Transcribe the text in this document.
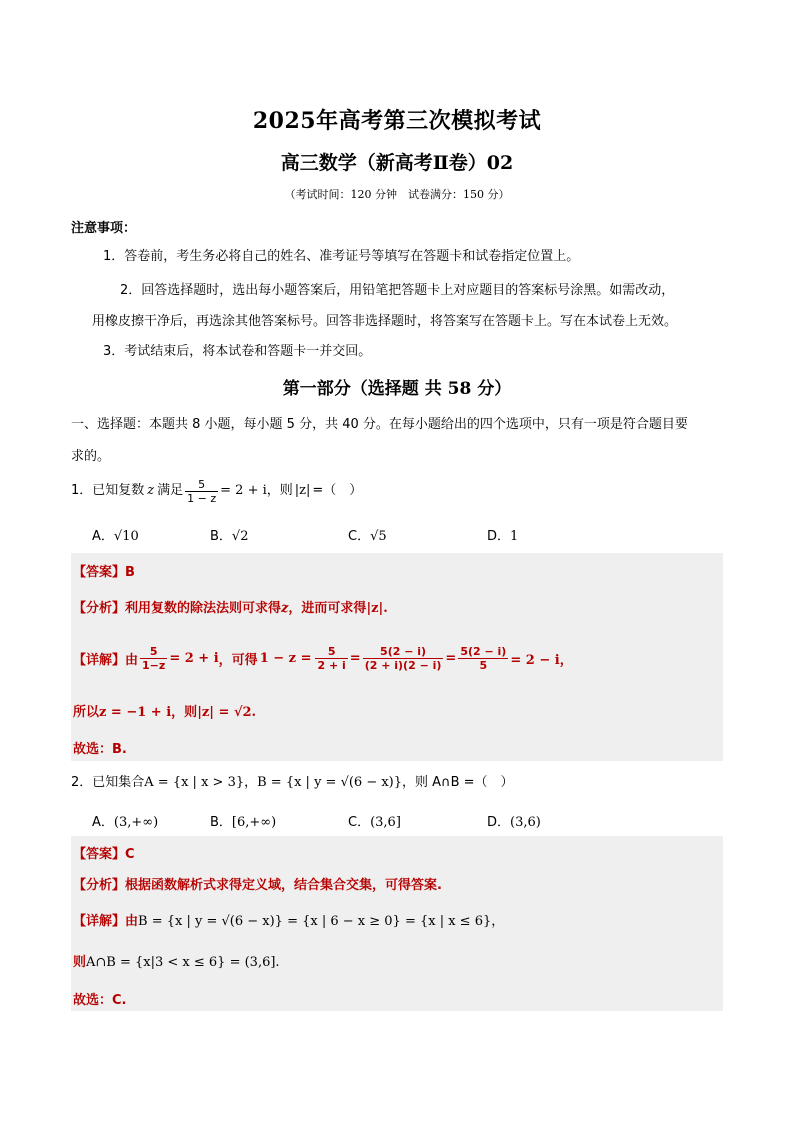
2025年高考第三次模拟考试
高三数学（新高考Ⅱ卷）02
（考试时间：120 分钟　试卷满分：150 分）
注意事项：
1．答卷前，考生务必将自己的姓名、准考证号等填写在答题卡和试卷指定位置上。
2．回答选择题时，选出每小题答案后，用铅笔把答题卡上对应题目的答案标号涂黑。如需改动，
用橡皮擦干净后，再选涂其他答案标号。回答非选择题时，将答案写在答题卡上。写在本试卷上无效。
3．考试结束后，将本试卷和答题卡一并交回。
第一部分（选择题 共 58 分）
一、选择题：本题共 8 小题，每小题 5 分，共 40 分。在每小题给出的四个选项中，只有一项是符合题目要
求的。
1．已知复数 z 满足 $\frac{5}{1 - z} = 2 + i$，则 |z| =（　）
A．√10	B．√2	C．√5	D．1
【答案】B
【分析】利用复数的除法法则可求得z，进而可求得|z|.
【详解】 由 $\frac{5}{1-z} = 2 + i$ ，可得 $1 - z = \frac{5}{2 + i} = \frac{5(2 - i)}{(2 + i)(2 - i)} = \frac{5(2 - i)}{5} = 2 - i$，
所以z = −1 + i，则|z| = √2.
故选：B.
2．已知集合A = {x | x > 3}，B = {x | y = √(6 − x)}，则 A∩B =（　）
A．(3,+∞)	B．[6,+∞)	C．(3,6]	D．(3,6)
【答案】C
【分析】根据函数解析式求得定义域，结合集合交集，可得答案.
【详解】由B = {x | y = √(6 − x)} = {x | 6 − x ≥ 0} = {x | x ≤ 6}，
则A∩B = {x|3 < x ≤ 6} = (3,6].
故选：C.
